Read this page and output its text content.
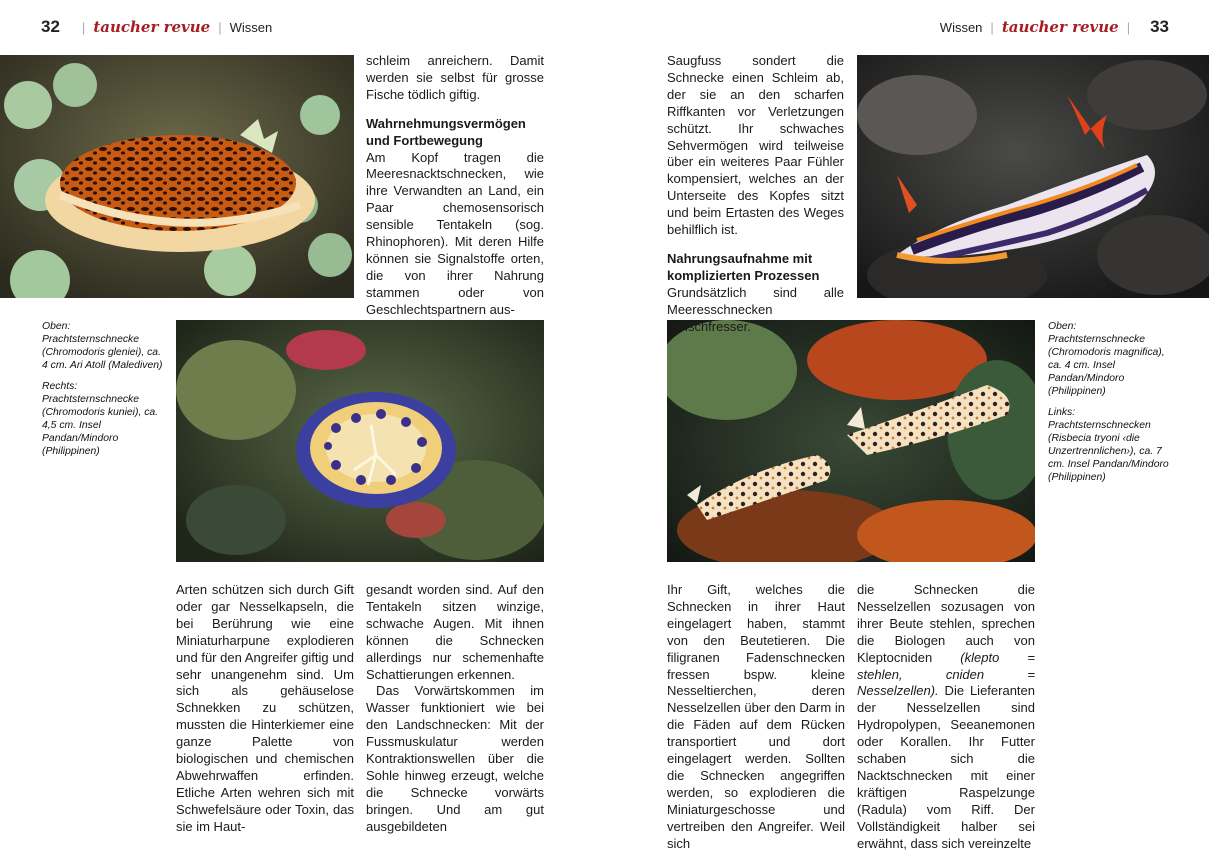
32 | taucher revue | Wissen	Wissen | taucher revue | 33

schleim anreichern. Damit werden sie selbst für grosse Fische tödlich giftig.

Wahrnehmungsvermögen und Fortbewegung

Am Kopf tragen die Meeresnacktschnecken, wie ihre Verwandten an Land, ein Paar chemosensorisch sensible Tentakeln (sog. Rhinophoren). Mit deren Hilfe können sie Signalstoffe orten, die von ihrer Nahrung stammen oder von Geschlechtspartnern aus-

Oben: Prachtsternschnecke (Chromodoris gleniei), ca. 4 cm. Ari Atoll (Malediven)

Rechts: Prachtsternschnecke (Chromodoris kuniei), ca. 4,5 cm. Insel Pandan/Mindoro (Philippinen)

Arten schützen sich durch Gift oder gar Nesselkapseln, die bei Berührung wie eine Miniaturharpune explodieren und für den Angreifer giftig und sehr unangenehm sind. Um sich als gehäuselose Schnekken zu schützen, mussten die Hinterkiemer eine ganze Palette von biologischen und chemischen Abwehrwaffen erfinden. Etliche Arten wehren sich mit Schwefelsäure oder Toxin, das sie im Haut-

gesandt worden sind. Auf den Tentakeln sitzen winzige, schwache Augen. Mit ihnen können die Schnecken allerdings nur schemenhafte Schattierungen erkennen.

Das Vorwärtskommen im Wasser funktioniert wie bei den Landschnecken: Mit der Fussmuskulatur werden Kontraktionswellen über die Sohle hinweg erzeugt, welche die Schnecke vorwärts bringen. Und am gut ausgebildeten

Saugfuss sondert die Schnecke einen Schleim ab, der sie an den scharfen Riffkanten vor Verletzungen schützt. Ihr schwaches Sehvermögen wird teilweise über ein weiteres Paar Fühler kompensiert, welches an der Unterseite des Kopfes sitzt und beim Ertasten des Weges behilflich ist.

Nahrungsaufnahme mit komplizierten Prozessen

Grundsätzlich sind alle Meeresschnecken Fleischfresser.	Oben: Prachtsternschnecke (Chromodoris magnifica), ca. 4 cm. Insel Pandan/Mindoro (Philippinen)

Links: Prachtsternschnecken (Risbecia tryoni ‹die Unzertrennlichen›), ca. 7 cm. Insel Pandan/Mindoro (Philippinen)

Ihr Gift, welches die Schnecken in ihrer Haut eingelagert haben, stammt von den Beutetieren. Die filigranen Fadenschnecken fressen bspw. kleine Nesseltierchen, deren Nesselzellen über den Darm in die Fäden auf dem Rücken transportiert und dort eingelagert werden. Sollten die Schnecken angegriffen werden, so explodieren die Miniaturgeschosse und vertreiben den Angreifer. Weil sich

die Schnecken die Nesselzellen sozusagen von ihrer Beute stehlen, sprechen die Biologen auch von Kleptocniden (klepto = stehlen, cniden = Nesselzellen). Die Lieferanten der Nesselzellen sind Hydropolypen, Seeanemonen oder Korallen. Ihr Futter schaben sich die Nacktschnecken mit einer kräftigen Raspelzunge (Radula) vom Riff. Der Vollständigkeit halber sei erwähnt, dass sich vereinzelte
